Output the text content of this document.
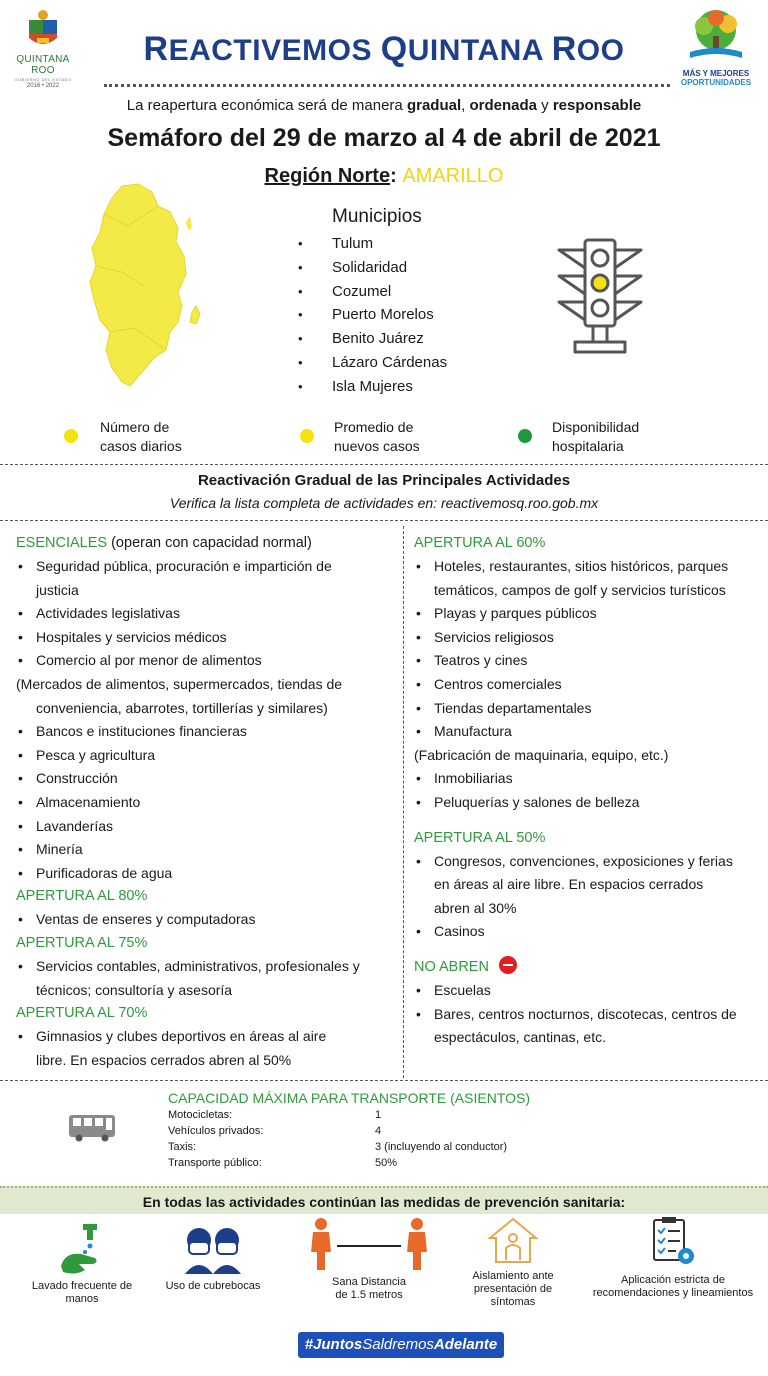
QUINTANA ROO
GOBIERNO DEL ESTADO
2016 • 2022
REACTIVEMOS QUINTANA ROO
MÁS Y MEJORES
OPORTUNIDADES
La reapertura económica será de manera gradual, ordenada y responsable
Semáforo del 29 de marzo al 4 de abril de 2021
Región Norte: AMARILLO
Municipios
• Tulum
• Solidaridad
• Cozumel
• Puerto Morelos
• Benito Juárez
• Lázaro Cárdenas
• Isla Mujeres
Número de
casos diarios
Promedio de
nuevos casos
Disponibilidad
hospitalaria
Reactivación Gradual de las Principales Actividades
Verifica la lista completa de actividades en: reactivemosq.roo.gob.mx
ESENCIALES (operan con capacidad normal)
• Seguridad pública, procuración e impartición de
justicia
• Actividades legislativas
• Hospitales y servicios médicos
• Comercio al por menor de alimentos
(Mercados de alimentos, supermercados, tiendas de
conveniencia, abarrotes, tortillerías y similares)
• Bancos e instituciones financieras
• Pesca y agricultura
• Construcción
• Almacenamiento
• Lavanderías
• Minería
• Purificadoras de agua
APERTURA AL 80%
• Ventas de enseres y computadoras
APERTURA AL 75%
• Servicios contables, administrativos, profesionales y
técnicos; consultoría y asesoría
APERTURA AL 70%
• Gimnasios y clubes deportivos en áreas al aire
libre. En espacios cerrados abren al 50%
APERTURA AL 60%
• Hoteles, restaurantes, sitios históricos, parques
temáticos, campos de golf y servicios turísticos
• Playas y parques públicos
• Servicios religiosos
• Teatros y cines
• Centros comerciales
• Tiendas departamentales
• Manufactura
(Fabricación de maquinaria, equipo, etc.)
• Inmobiliarias
• Peluquerías y salones de belleza
APERTURA AL 50%
• Congresos, convenciones, exposiciones y ferias
en áreas al aire libre. En espacios cerrados
abren al 30%
• Casinos
NO ABREN
• Escuelas
• Bares, centros nocturnos, discotecas, centros de
espectáculos, cantinas, etc.
CAPACIDAD MÁXIMA PARA TRANSPORTE (ASIENTOS)
Motocicletas:	1
Vehículos privados:	4
Taxis:	3 (incluyendo al conductor)
Transporte público:	50%
En todas las actividades continúan las medidas de prevención sanitaria:
Lavado frecuente de
manos
Uso de cubrebocas	Sana Distancia
de 1.5 metros
Aislamiento ante
presentación de
síntomas
Aplicación estricta de
recomendaciones y lineamientos
#JuntosSaldremosAdelante
